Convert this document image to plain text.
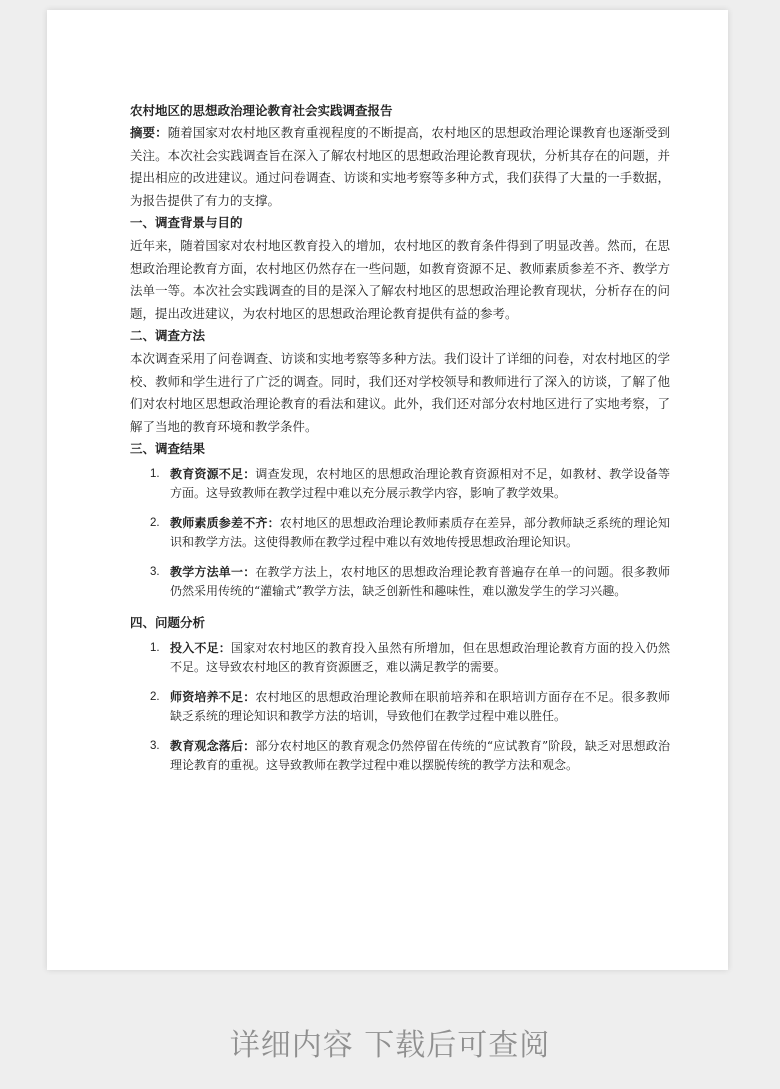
农村地区的思想政治理论教育社会实践调查报告

摘要：随着国家对农村地区教育重视程度的不断提高，农村地区的思想政治理论课教育也逐渐受到关注。本次社会实践调查旨在深入了解农村地区的思想政治理论教育现状，分析其存在的问题，并提出相应的改进建议。通过问卷调查、访谈和实地考察等多种方式，我们获得了大量的一手数据，为报告提供了有力的支撑。

一、调查背景与目的

近年来，随着国家对农村地区教育投入的增加，农村地区的教育条件得到了明显改善。然而，在思想政治理论教育方面，农村地区仍然存在一些问题，如教育资源不足、教师素质参差不齐、教学方法单一等。本次社会实践调查的目的是深入了解农村地区的思想政治理论教育现状，分析存在的问题，提出改进建议，为农村地区的思想政治理论教育提供有益的参考。

二、调查方法

本次调查采用了问卷调查、访谈和实地考察等多种方法。我们设计了详细的问卷，对农村地区的学校、教师和学生进行了广泛的调查。同时，我们还对学校领导和教师进行了深入的访谈，了解了他们对农村地区思想政治理论教育的看法和建议。此外，我们还对部分农村地区进行了实地考察，了解了当地的教育环境和教学条件。

三、调查结果

1. 教育资源不足：调查发现，农村地区的思想政治理论教育资源相对不足，如教材、教学设备等方面。这导致教师在教学过程中难以充分展示教学内容，影响了教学效果。
2. 教师素质参差不齐：农村地区的思想政治理论教师素质存在差异，部分教师缺乏系统的理论知识和教学方法。这使得教师在教学过程中难以有效地传授思想政治理论知识。
3. 教学方法单一：在教学方法上，农村地区的思想政治理论教育普遍存在单一的问题。很多教师仍然采用传统的“灌输式”教学方法，缺乏创新性和趣味性，难以激发学生的学习兴趣。

四、问题分析

1. 投入不足：国家对农村地区的教育投入虽然有所增加，但在思想政治理论教育方面的投入仍然不足。这导致农村地区的教育资源匮乏，难以满足教学的需要。
2. 师资培养不足：农村地区的思想政治理论教师在职前培养和在职培训方面存在不足。很多教师缺乏系统的理论知识和教学方法的培训，导致他们在教学过程中难以胜任。
3. 教育观念落后：部分农村地区的教育观念仍然停留在传统的“应试教育”阶段，缺乏对思想政治理论教育的重视。这导致教师在教学过程中难以摆脱传统的教学方法和观念。
详细内容 下载后可查阅
